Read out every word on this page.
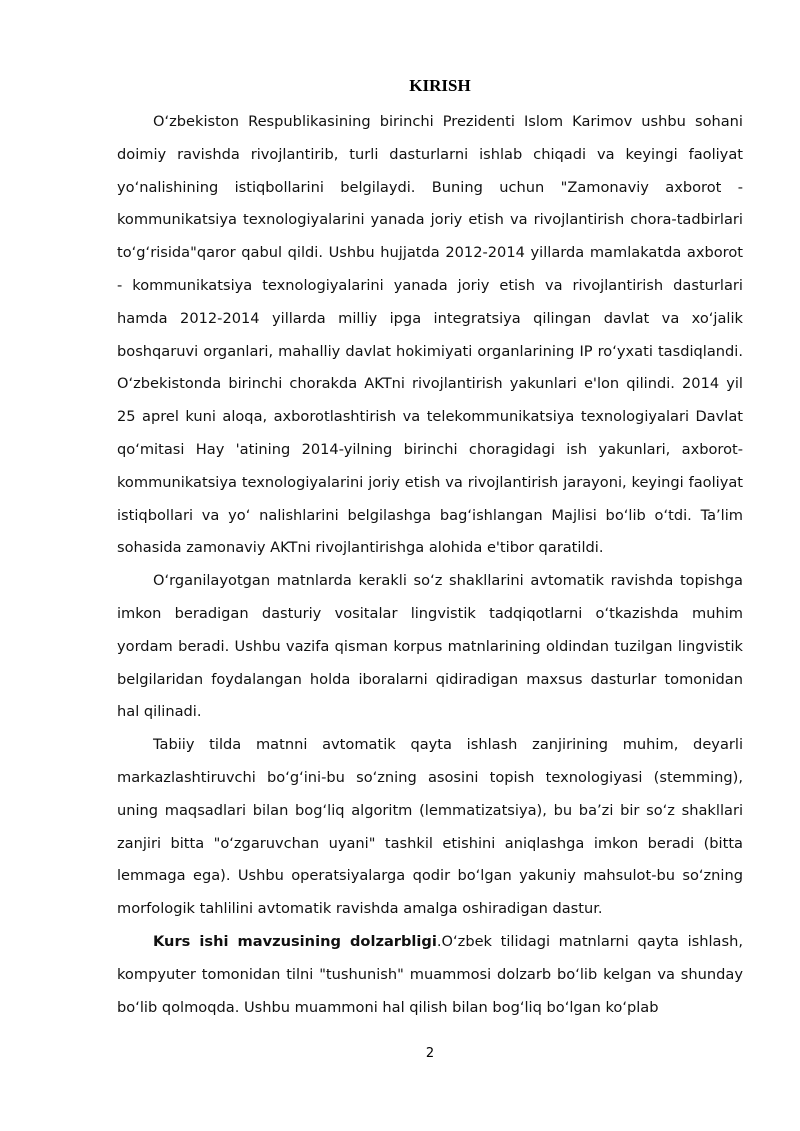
KIRISH

O‘zbekiston Respublikasining birinchi Prezidenti Islom Karimov ushbu sohani doimiy ravishda rivojlantirib, turli dasturlarni ishlab chiqadi va keyingi faoliyat yo‘nalishining istiqbollarini belgilaydi. Buning uchun "Zamonaviy axborot - kommunikatsiya texnologiyalarini yanada joriy etish va rivojlantirish chora-tadbirlari to‘g‘risida"qaror qabul qildi. Ushbu hujjatda 2012-2014 yillarda mamlakatda axborot - kommunikatsiya texnologiyalarini yanada joriy etish va rivojlantirish dasturlari hamda 2012-2014 yillarda milliy ipga integratsiya qilingan davlat va xo‘jalik boshqaruvi organlari, mahalliy davlat hokimiyati organlarining IP ro‘yxati tasdiqlandi. O‘zbekistonda birinchi chorakda AKTni rivojlantirish yakunlari e'lon qilindi. 2014 yil 25 aprel kuni aloqa, axborotlashtirish va telekommunikatsiya texnologiyalari Davlat qo‘mitasi Hay 'atining 2014-yilning birinchi choragidagi ish yakunlari, axborot-kommunikatsiya texnologiyalarini joriy etish va rivojlantirish jarayoni, keyingi faoliyat istiqbollari va yo‘ nalishlarini belgilashga bag‘ishlangan Majlisi bo‘lib o‘tdi. Ta’lim sohasida zamonaviy AKTni rivojlantirishga alohida e'tibor qaratildi.

O‘rganilayotgan matnlarda kerakli so‘z shakllarini avtomatik ravishda topishga imkon beradigan dasturiy vositalar lingvistik tadqiqotlarni o‘tkazishda muhim yordam beradi. Ushbu vazifa qisman korpus matnlarining oldindan tuzilgan lingvistik belgilaridan foydalangan holda iboralarni qidiradigan maxsus dasturlar tomonidan hal qilinadi.

Tabiiy tilda matnni avtomatik qayta ishlash zanjirining muhim, deyarli markazlashtiruvchi bo‘g‘ini-bu so‘zning asosini topish texnologiyasi (stemming), uning maqsadlari bilan bog‘liq algoritm (lemmatizatsiya), bu ba’zi bir so‘z shakllari zanjiri bitta "o‘zgaruvchan uyani" tashkil etishini aniqlashga imkon beradi (bitta lemmaga ega). Ushbu operatsiyalarga qodir bo‘lgan yakuniy mahsulot-bu so‘zning morfologik tahlilini avtomatik ravishda amalga oshiradigan dastur.

Kurs ishi mavzusining dolzarbligi.O‘zbek tilidagi matnlarni qayta ishlash, kompyuter tomonidan tilni "tushunish" muammosi dolzarb bo‘lib kelgan va shunday bo‘lib qolmoqda. Ushbu muammoni hal qilish bilan bog‘liq bo‘lgan ko‘plab

2
